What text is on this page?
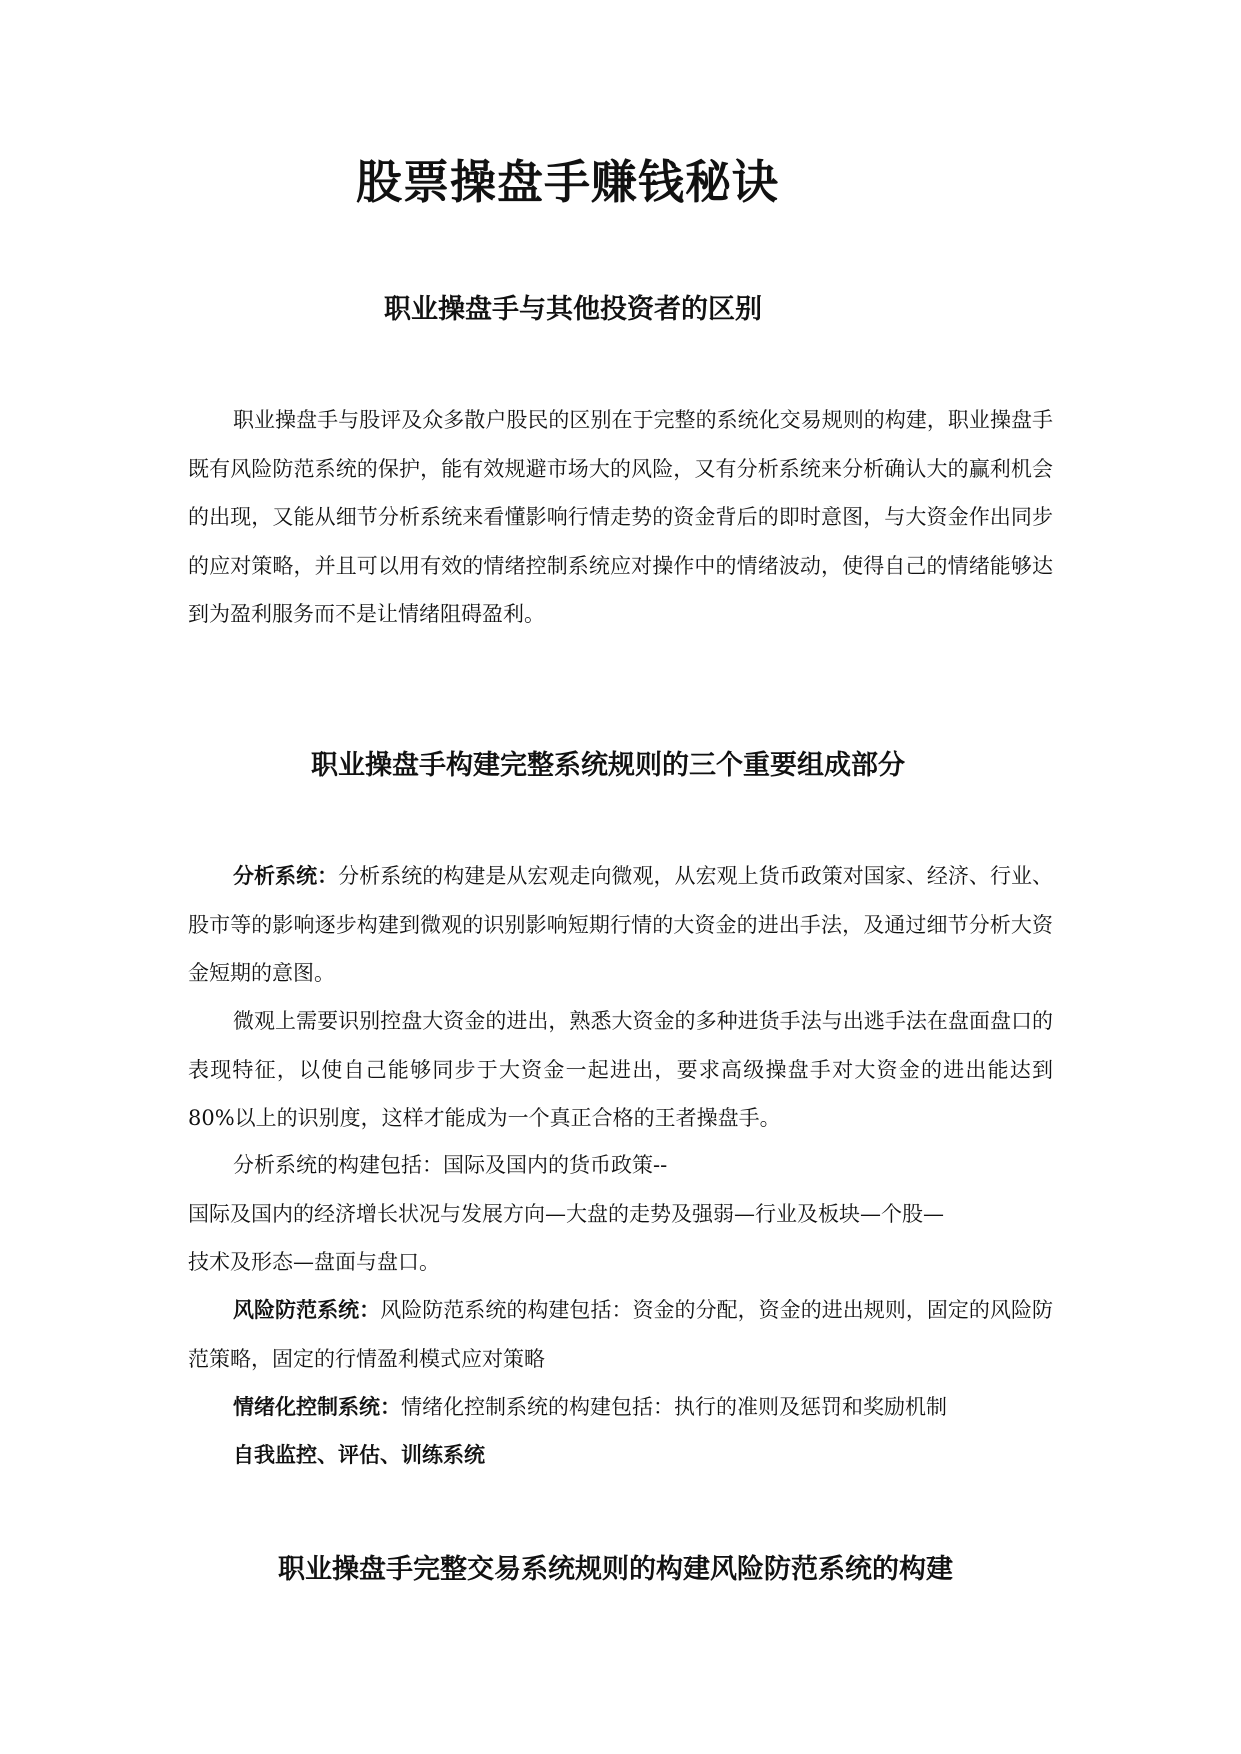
股票操盘手赚钱秘诀
职业操盘手与其他投资者的区别

职业操盘手与股评及众多散户股民的区别在于完整的系统化交易规则的构建，职业操盘手既有风险防范系统的保护，能有效规避市场大的风险，又有分析系统来分析确认大的赢利机会的出现，又能从细节分析系统来看懂影响行情走势的资金背后的即时意图，与大资金作出同步的应对策略，并且可以用有效的情绪控制系统应对操作中的情绪波动，使得自己的情绪能够达到为盈利服务而不是让情绪阻碍盈利。

职业操盘手构建完整系统规则的三个重要组成部分

分析系统：分析系统的构建是从宏观走向微观，从宏观上货币政策对国家、经济、行业、股市等的影响逐步构建到微观的识别影响短期行情的大资金的进出手法，及通过细节分析大资金短期的意图。

微观上需要识别控盘大资金的进出，熟悉大资金的多种进货手法与出逃手法在盘面盘口的表现特征，以使自己能够同步于大资金一起进出，要求高级操盘手对大资金的进出能达到80%以上的识别度，这样才能成为一个真正合格的王者操盘手。

分析系统的构建包括：国际及国内的货币政策--

国际及国内的经济增长状况与发展方向—大盘的走势及强弱—行业及板块—个股—

技术及形态—盘面与盘口。

风险防范系统：风险防范系统的构建包括：资金的分配，资金的进出规则，固定的风险防范策略，固定的行情盈利模式应对策略

情绪化控制系统：情绪化控制系统的构建包括：执行的准则及惩罚和奖励机制

自我监控、评估、训练系统

职业操盘手完整交易系统规则的构建风险防范系统的构建
